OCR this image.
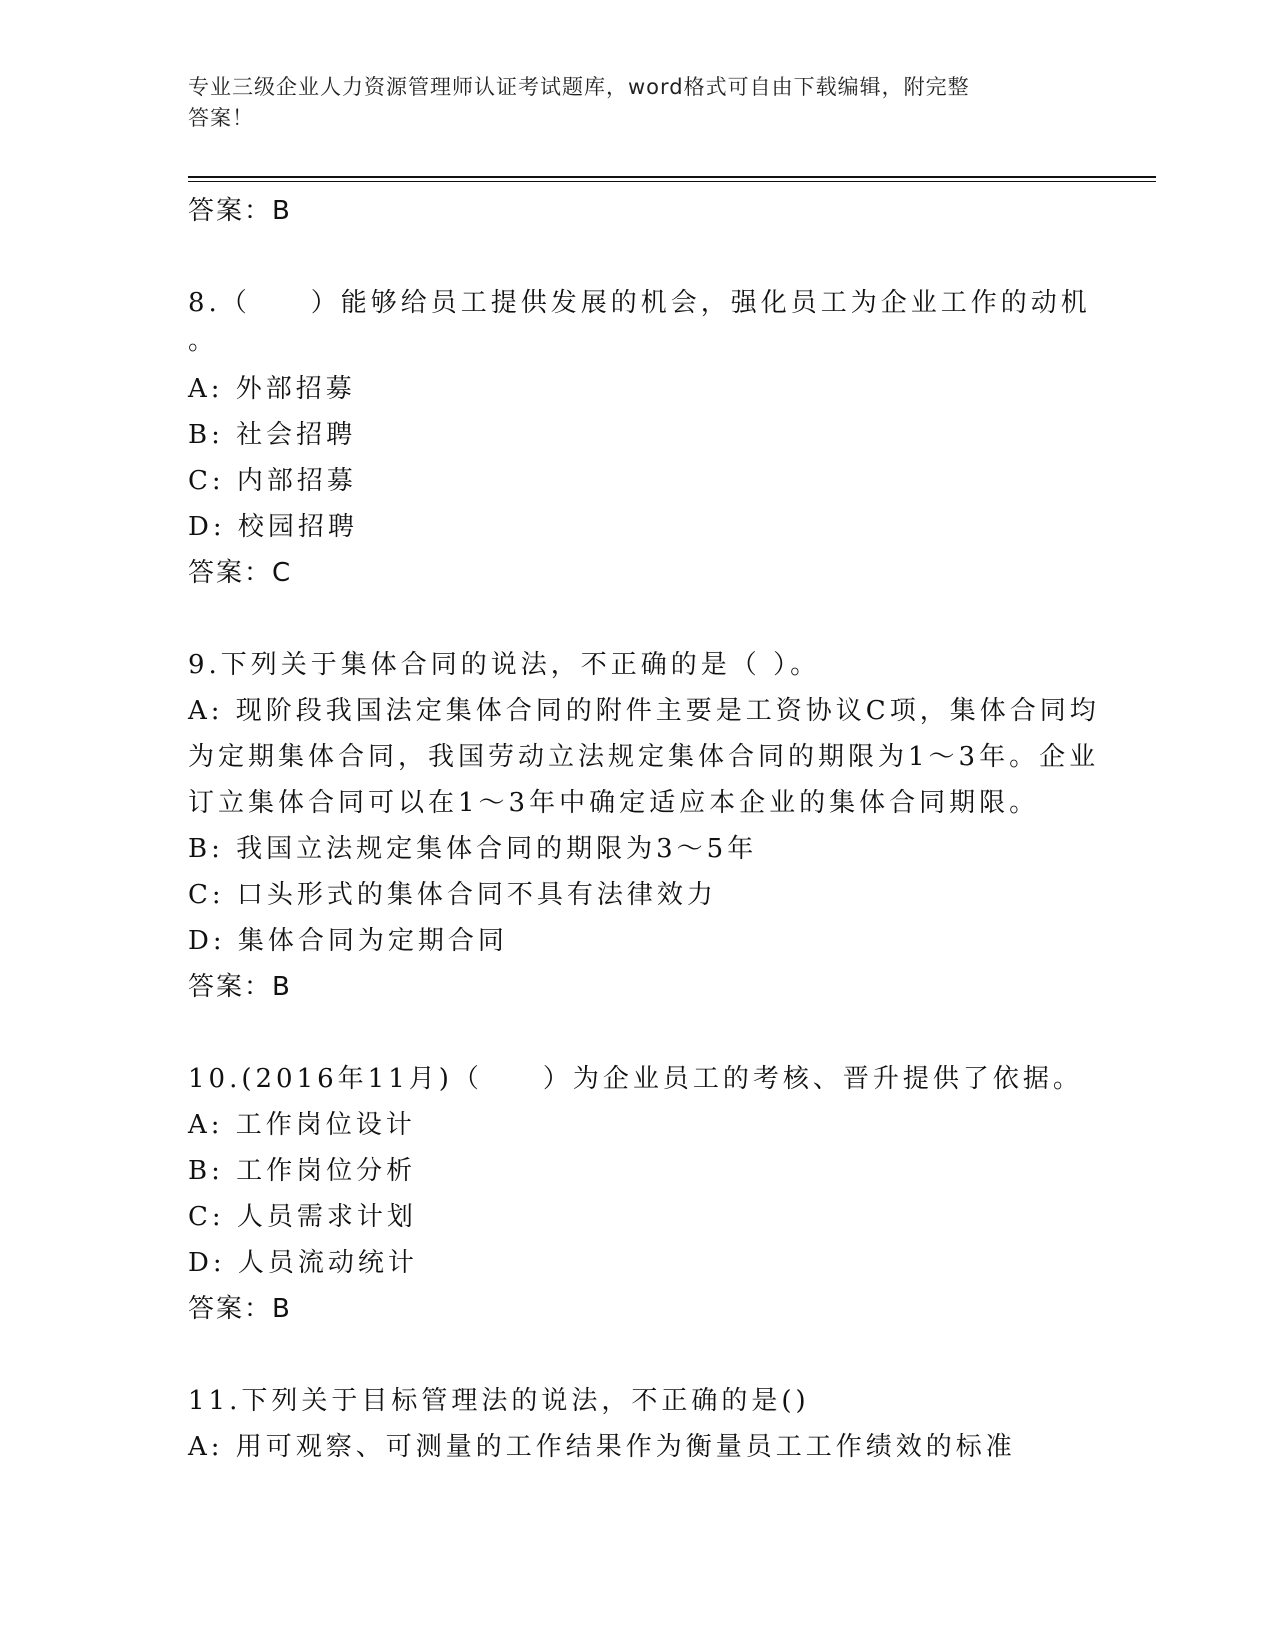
专业三级企业人力资源管理师认证考试题库，word格式可自由下载编辑，附完整
答案！
答案：B
8.（　　）能够给员工提供发展的机会，强化员工为企业工作的动机
。
A: 外部招募
B: 社会招聘
C: 内部招募
D: 校园招聘
答案：C
9.下列关于集体合同的说法，不正确的是（ ）。
A: 现阶段我国法定集体合同的附件主要是工资协议C项，集体合同均
为定期集体合同，我国劳动立法规定集体合同的期限为1～3年。企业
订立集体合同可以在1～3年中确定适应本企业的集体合同期限。
B: 我国立法规定集体合同的期限为3～5年
C: 口头形式的集体合同不具有法律效力
D: 集体合同为定期合同
答案：B
10.(2016年11月)（　　）为企业员工的考核、晋升提供了依据。
A: 工作岗位设计
B: 工作岗位分析
C: 人员需求计划
D: 人员流动统计
答案：B
11.下列关于目标管理法的说法，不正确的是()
A: 用可观察、可测量的工作结果作为衡量员工工作绩效的标准
